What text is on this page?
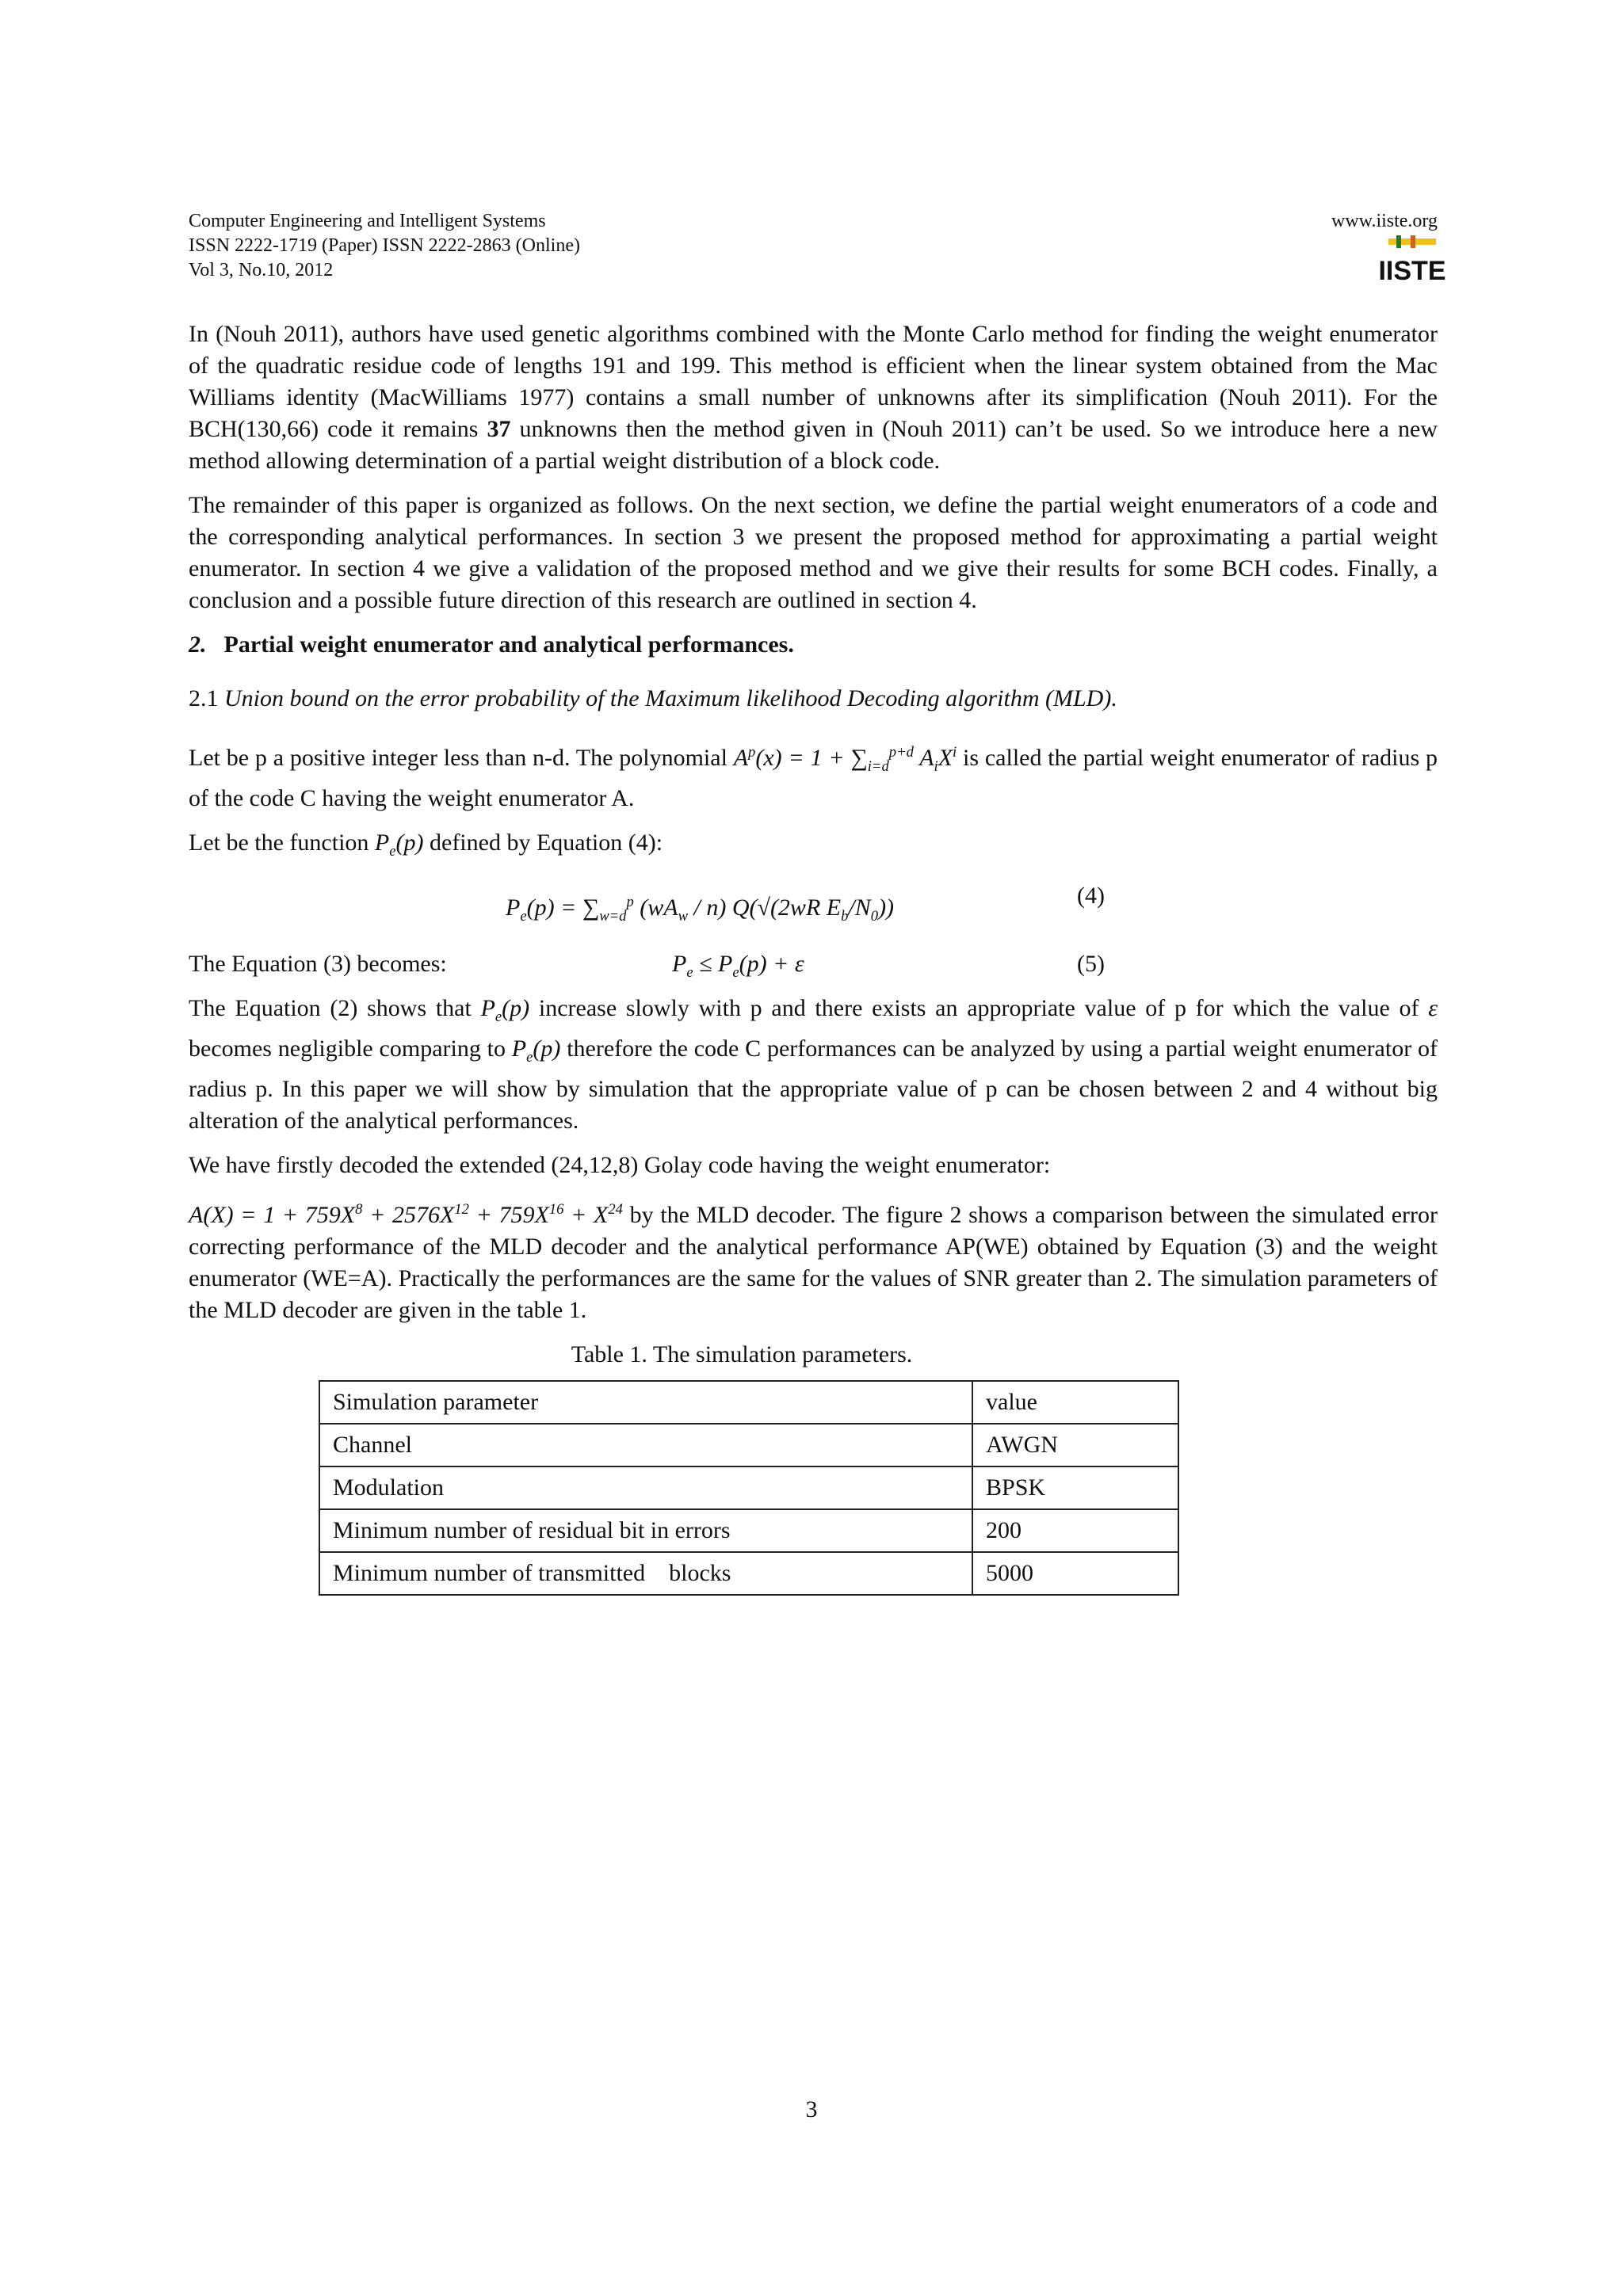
Computer Engineering and Intelligent Systems
ISSN 2222-1719 (Paper) ISSN 2222-2863 (Online)
Vol 3, No.10, 2012
www.iiste.org
IISTE

In (Nouh 2011), authors have used genetic algorithms combined with the Monte Carlo method for finding the weight enumerator of the quadratic residue code of lengths 191 and 199. This method is efficient when the linear system obtained from the Mac Williams identity (MacWilliams 1977) contains a small number of unknowns after its simplification (Nouh 2011). For the BCH(130,66) code it remains 37 unknowns then the method given in (Nouh 2011) can’t be used. So we introduce here a new method allowing determination of a partial weight distribution of a block code.

The remainder of this paper is organized as follows. On the next section, we define the partial weight enumerators of a code and the corresponding analytical performances. In section 3 we present the proposed method for approximating a partial weight enumerator. In section 4 we give a validation of the proposed method and we give their results for some BCH codes. Finally, a conclusion and a possible future direction of this research are outlined in section 4.

2. Partial weight enumerator and analytical performances.

2.1 Union bound on the error probability of the Maximum likelihood Decoding algorithm (MLD).

Let be p a positive integer less than n-d. The polynomial $A^p(x) = 1 + \sum_{i=d}^{p+d}$ $A_iX^i$ is called the partial weight enumerator of radius p of the code C having the weight enumerator A.

Let be the function $P_e(p)$ defined by Equation (4):

$P_e(p) = \sum_{w=d}^p$ $(wA_w / n)$ Q(√(2wR $E_b/N_0$))	(4)
The Equation (3) becomes:	$P_e \le P_e(p) + \varepsilon$	(5)

The Equation (2) shows that $P_e(p)$ increase slowly with p and there exists an appropriate value of p for which the value of ε becomes negligible comparing to $P_e(p)$ therefore the code C performances can be analyzed by using a partial weight enumerator of radius p. In this paper we will show by simulation that the appropriate value of p can be chosen between 2 and 4 without big alteration of the analytical performances.

We have firstly decoded the extended (24,12,8) Golay code having the weight enumerator:

$A(X) = 1 + 759X^8 + 2576X^{12} + 759X^{16} + X^{24}$ by the MLD decoder. The figure 2 shows a comparison between the simulated error correcting performance of the MLD decoder and the analytical performance AP(WE) obtained by Equation (3) and the weight enumerator (WE=A). Practically the performances are the same for the values of SNR greater than 2. The simulation parameters of the MLD decoder are given in the table 1.

Table 1. The simulation parameters.

Simulation parameter	value
Channel	AWGN
Modulation	BPSK
Minimum number of residual bit in errors	200
Minimum number of transmitted    blocks	5000
3
